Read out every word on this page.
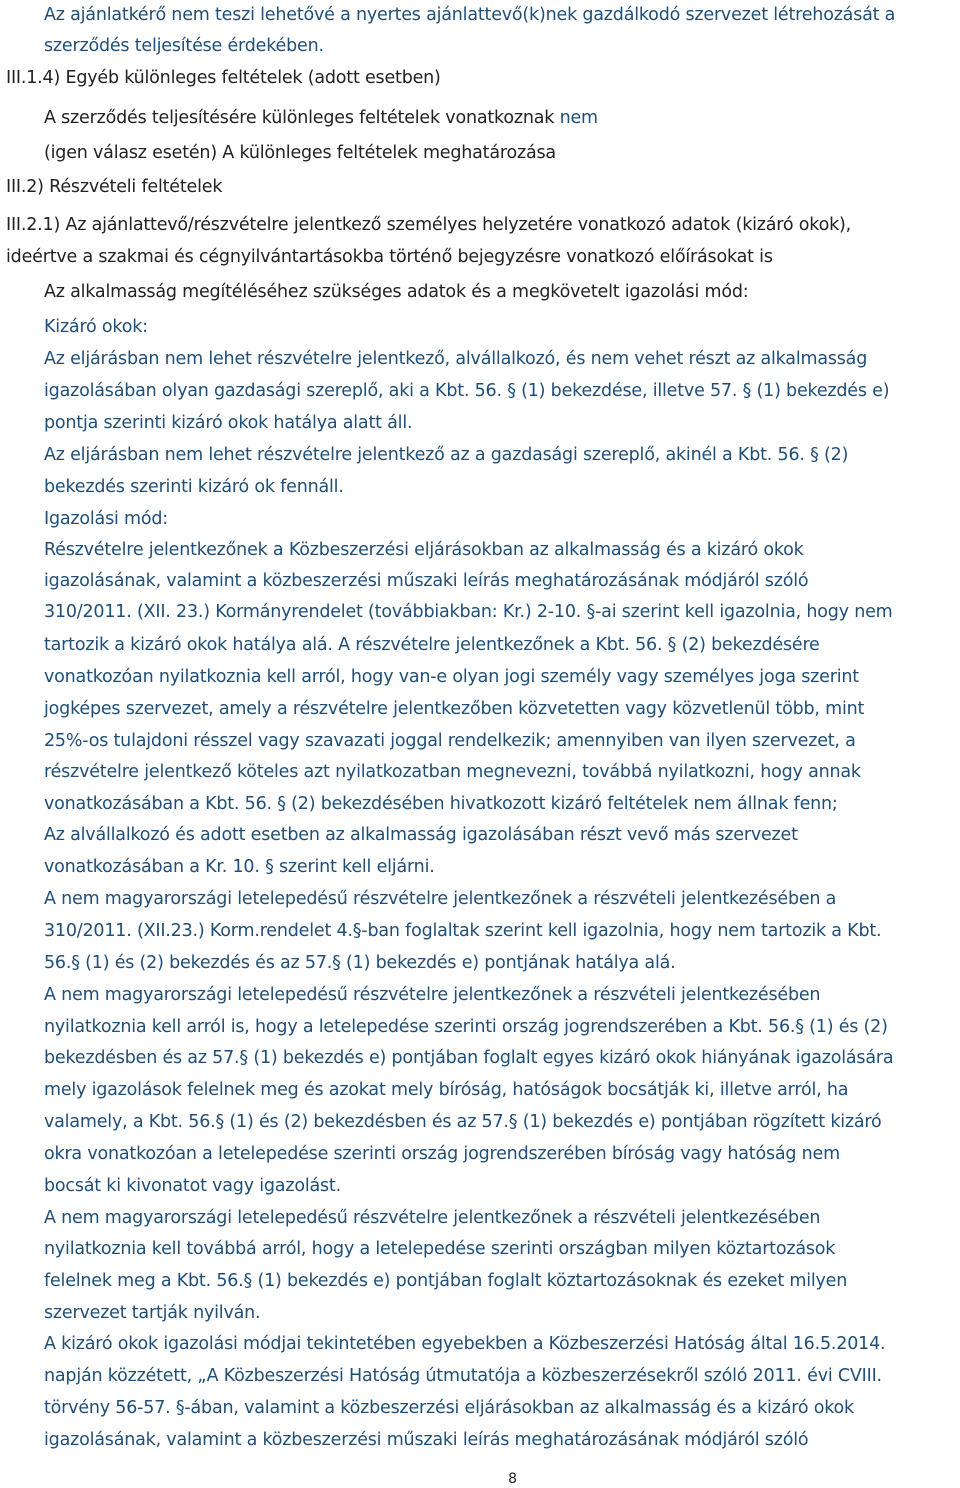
Az ajánlatkérő nem teszi lehetővé a nyertes ajánlattevő(k)nek gazdálkodó szervezet létrehozását a
szerződés teljesítése érdekében.
III.1.4) Egyéb különleges feltételek (adott esetben)
A szerződés teljesítésére különleges feltételek vonatkoznak nem
(igen válasz esetén) A különleges feltételek meghatározása
III.2) Részvételi feltételek
III.2.1) Az ajánlattevő/részvételre jelentkező személyes helyzetére vonatkozó adatok (kizáró okok),
ideértve a szakmai és cégnyilvántartásokba történő bejegyzésre vonatkozó előírásokat is
Az alkalmasság megítéléséhez szükséges adatok és a megkövetelt igazolási mód:
Kizáró okok:
Az eljárásban nem lehet részvételre jelentkező, alvállalkozó, és nem vehet részt az alkalmasság
igazolásában olyan gazdasági szereplő, aki a Kbt. 56. § (1) bekezdése, illetve 57. § (1) bekezdés e)
pontja szerinti kizáró okok hatálya alatt áll.
Az eljárásban nem lehet részvételre jelentkező az a gazdasági szereplő, akinél a Kbt. 56. § (2)
bekezdés szerinti kizáró ok fennáll.
Igazolási mód:
Részvételre jelentkezőnek a Közbeszerzési eljárásokban az alkalmasság és a kizáró okok
igazolásának, valamint a közbeszerzési műszaki leírás meghatározásának módjáról szóló
310/2011. (XII. 23.) Kormányrendelet (továbbiakban: Kr.) 2-10. §-ai szerint kell igazolnia, hogy nem
tartozik a kizáró okok hatálya alá. A részvételre jelentkezőnek a Kbt. 56. § (2) bekezdésére
vonatkozóan nyilatkoznia kell arról, hogy van-e olyan jogi személy vagy személyes joga szerint
jogképes szervezet, amely a részvételre jelentkezőben közvetetten vagy közvetlenül több, mint
25%-os tulajdoni résszel vagy szavazati joggal rendelkezik; amennyiben van ilyen szervezet, a
részvételre jelentkező köteles azt nyilatkozatban megnevezni, továbbá nyilatkozni, hogy annak
vonatkozásában a Kbt. 56. § (2) bekezdésében hivatkozott kizáró feltételek nem állnak fenn;
Az alvállalkozó és adott esetben az alkalmasság igazolásában részt vevő más szervezet
vonatkozásában a Kr. 10. § szerint kell eljárni.
A nem magyarországi letelepedésű részvételre jelentkezőnek a részvételi jelentkezésében a
310/2011. (XII.23.) Korm.rendelet 4.§-ban foglaltak szerint kell igazolnia, hogy nem tartozik a Kbt.
56.§ (1) és (2) bekezdés és az 57.§ (1) bekezdés e) pontjának hatálya alá.
A nem magyarországi letelepedésű részvételre jelentkezőnek a részvételi jelentkezésében
nyilatkoznia kell arról is, hogy a letelepedése szerinti ország jogrendszerében a Kbt. 56.§ (1) és (2)
bekezdésben és az 57.§ (1) bekezdés e) pontjában foglalt egyes kizáró okok hiányának igazolására
mely igazolások felelnek meg és azokat mely bíróság, hatóságok bocsátják ki, illetve arról, ha
valamely, a Kbt. 56.§ (1) és (2) bekezdésben és az 57.§ (1) bekezdés e) pontjában rögzített kizáró
okra vonatkozóan a letelepedése szerinti ország jogrendszerében bíróság vagy hatóság nem
bocsát ki kivonatot vagy igazolást.
A nem magyarországi letelepedésű részvételre jelentkezőnek a részvételi jelentkezésében
nyilatkoznia kell továbbá arról, hogy a letelepedése szerinti országban milyen köztartozások
felelnek meg a Kbt. 56.§ (1) bekezdés e) pontjában foglalt köztartozásoknak és ezeket milyen
szervezet tartják nyilván.
A kizáró okok igazolási módjai tekintetében egyebekben a Közbeszerzési Hatóság által 16.5.2014.
napján közzétett, „A Közbeszerzési Hatóság útmutatója a közbeszerzésekről szóló 2011. évi CVIII.
törvény 56-57. §-ában, valamint a közbeszerzési eljárásokban az alkalmasság és a kizáró okok
igazolásának, valamint a közbeszerzési műszaki leírás meghatározásának módjáról szóló
8
